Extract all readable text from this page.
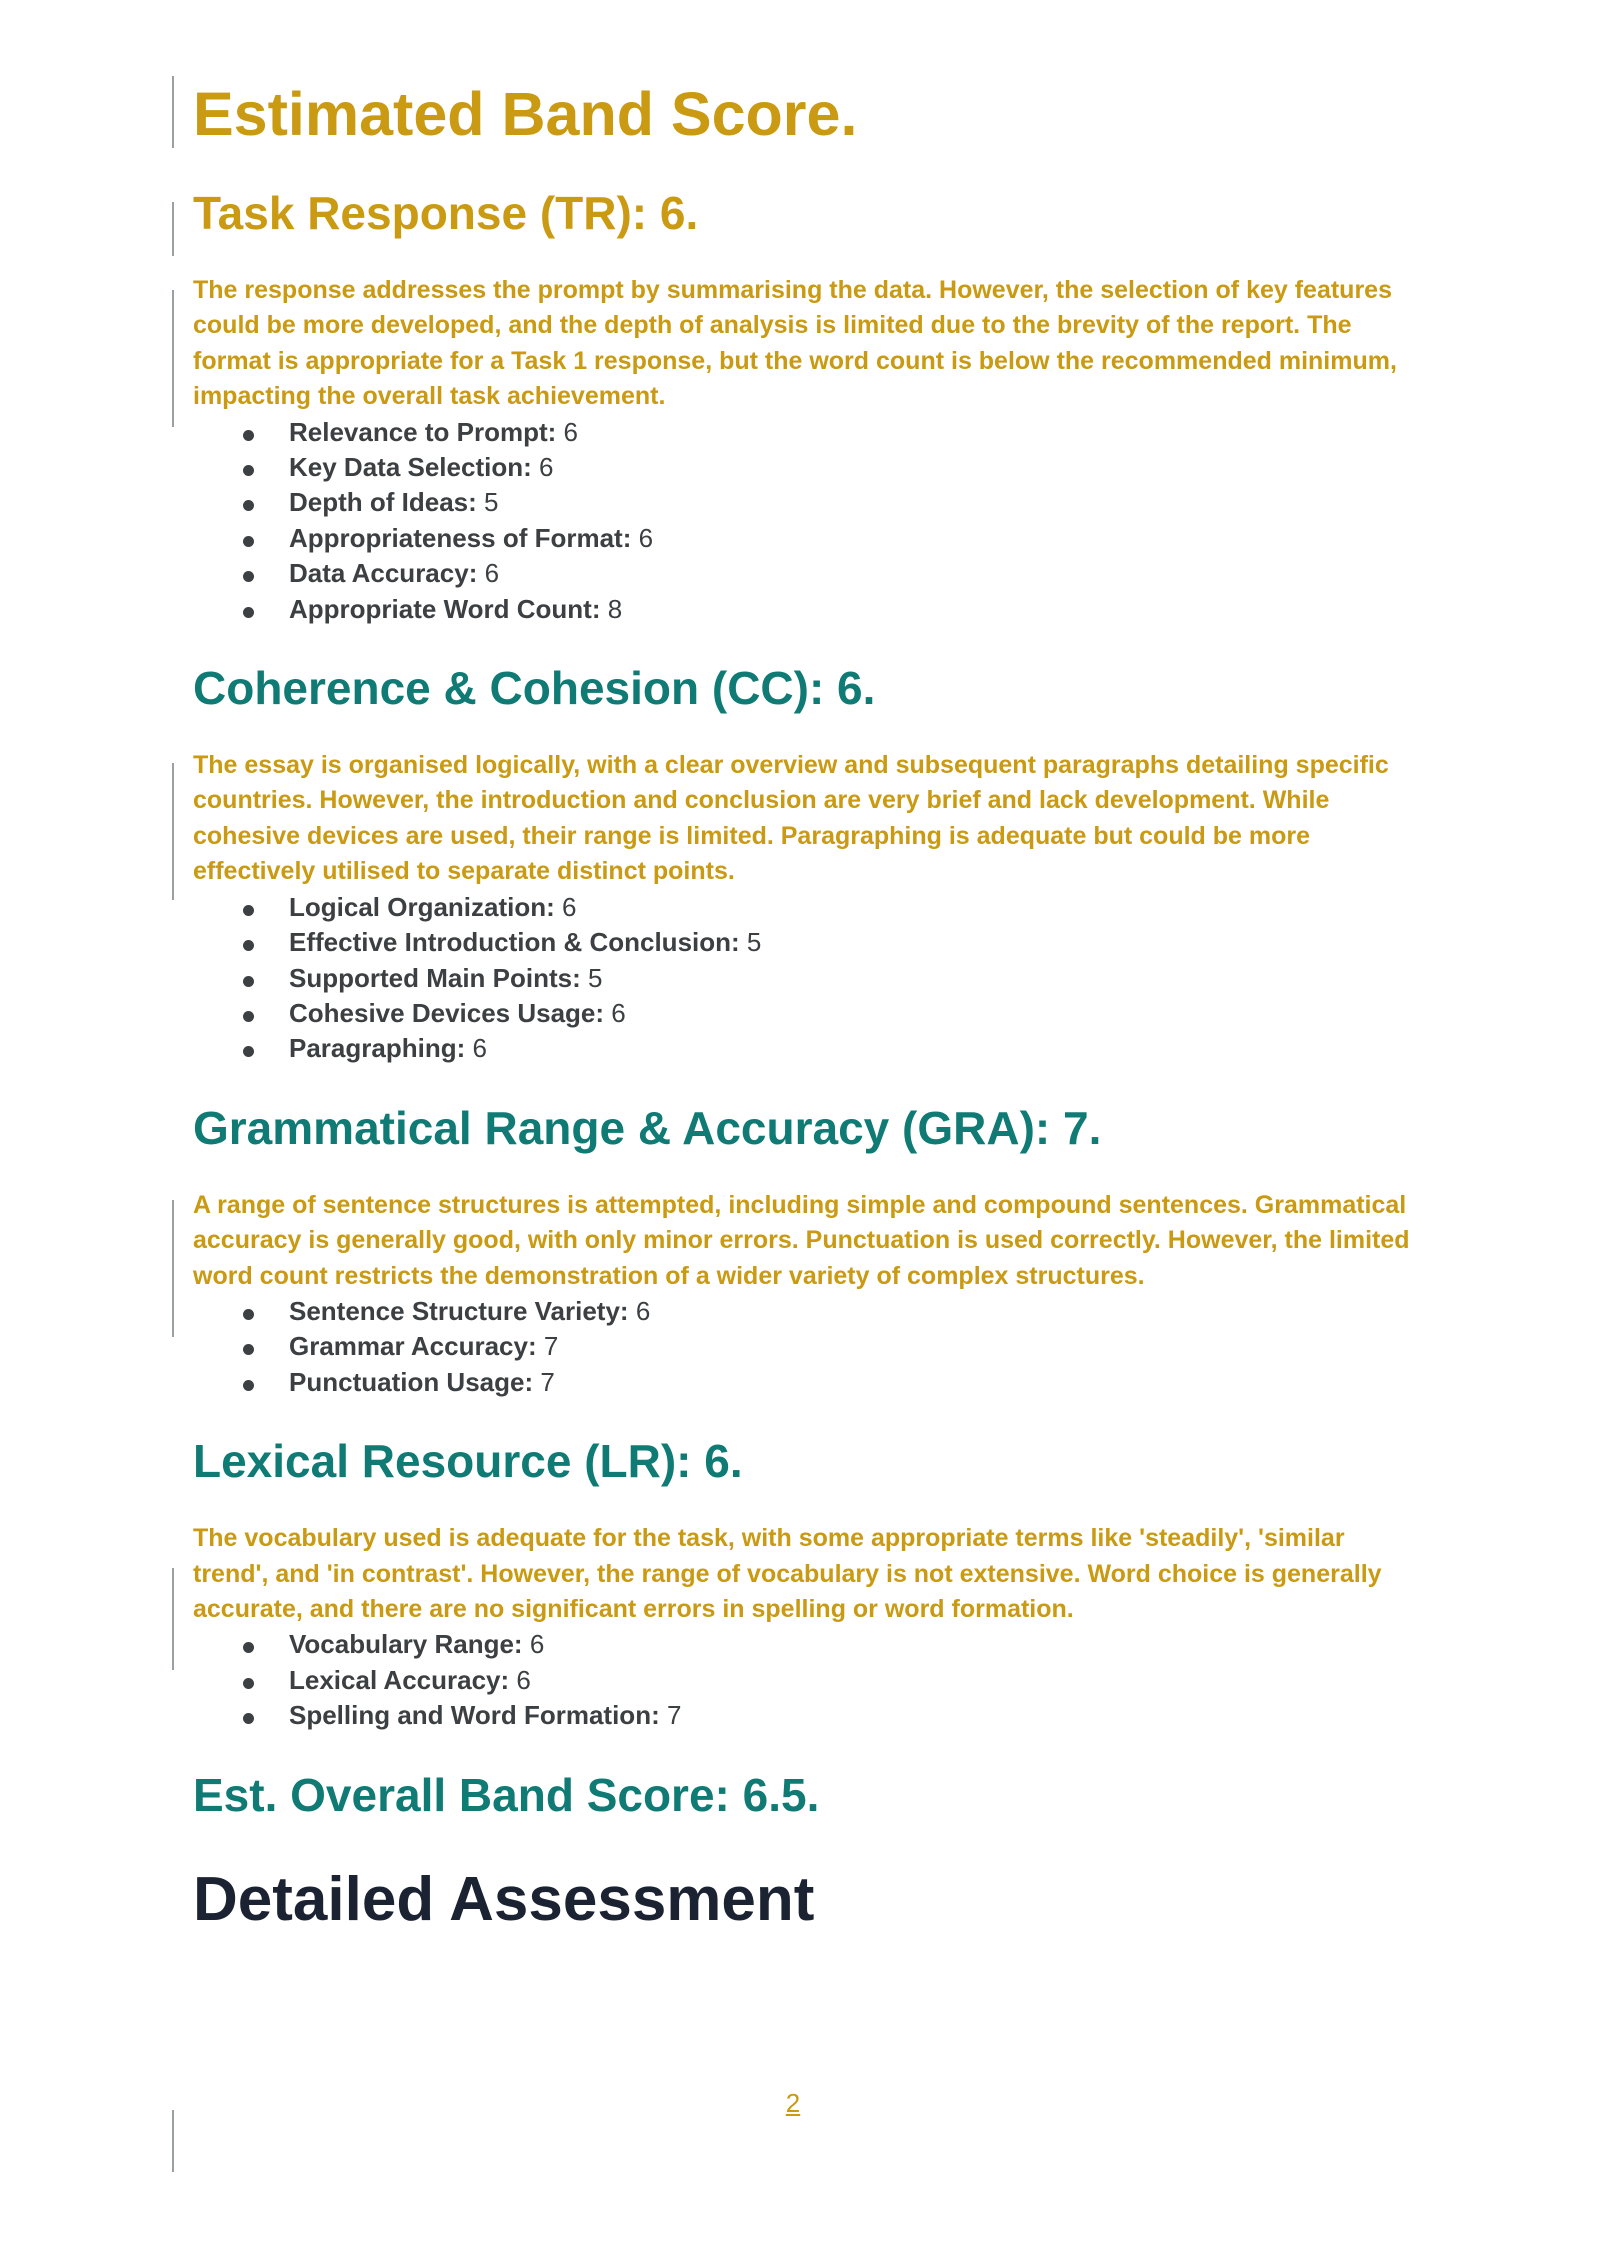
Estimated Band Score.
Task Response (TR): 6.

The response addresses the prompt by summarising the data. However, the selection of key features could be more developed, and the depth of analysis is limited due to the brevity of the report. The format is appropriate for a Task 1 response, but the word count is below the recommended minimum, impacting the overall task achievement.

Relevance to Prompt: 6
Key Data Selection: 6
Depth of Ideas: 5
Appropriateness of Format: 6
Data Accuracy: 6
Appropriate Word Count: 8
Coherence & Cohesion (CC): 6.

The essay is organised logically, with a clear overview and subsequent paragraphs detailing specific countries. However, the introduction and conclusion are very brief and lack development. While cohesive devices are used, their range is limited. Paragraphing is adequate but could be more effectively utilised to separate distinct points.

Logical Organization: 6
Effective Introduction & Conclusion: 5
Supported Main Points: 5
Cohesive Devices Usage: 6
Paragraphing: 6
Grammatical Range & Accuracy (GRA): 7.

A range of sentence structures is attempted, including simple and compound sentences. Grammatical accuracy is generally good, with only minor errors. Punctuation is used correctly. However, the limited word count restricts the demonstration of a wider variety of complex structures.

Sentence Structure Variety: 6
Grammar Accuracy: 7
Punctuation Usage: 7
Lexical Resource (LR): 6.

The vocabulary used is adequate for the task, with some appropriate terms like 'steadily', 'similar trend', and 'in contrast'. However, the range of vocabulary is not extensive. Word choice is generally accurate, and there are no significant errors in spelling or word formation.

Vocabulary Range: 6
Lexical Accuracy: 6
Spelling and Word Formation: 7

Est. Overall Band Score: 6.5.

Detailed Assessment
2
